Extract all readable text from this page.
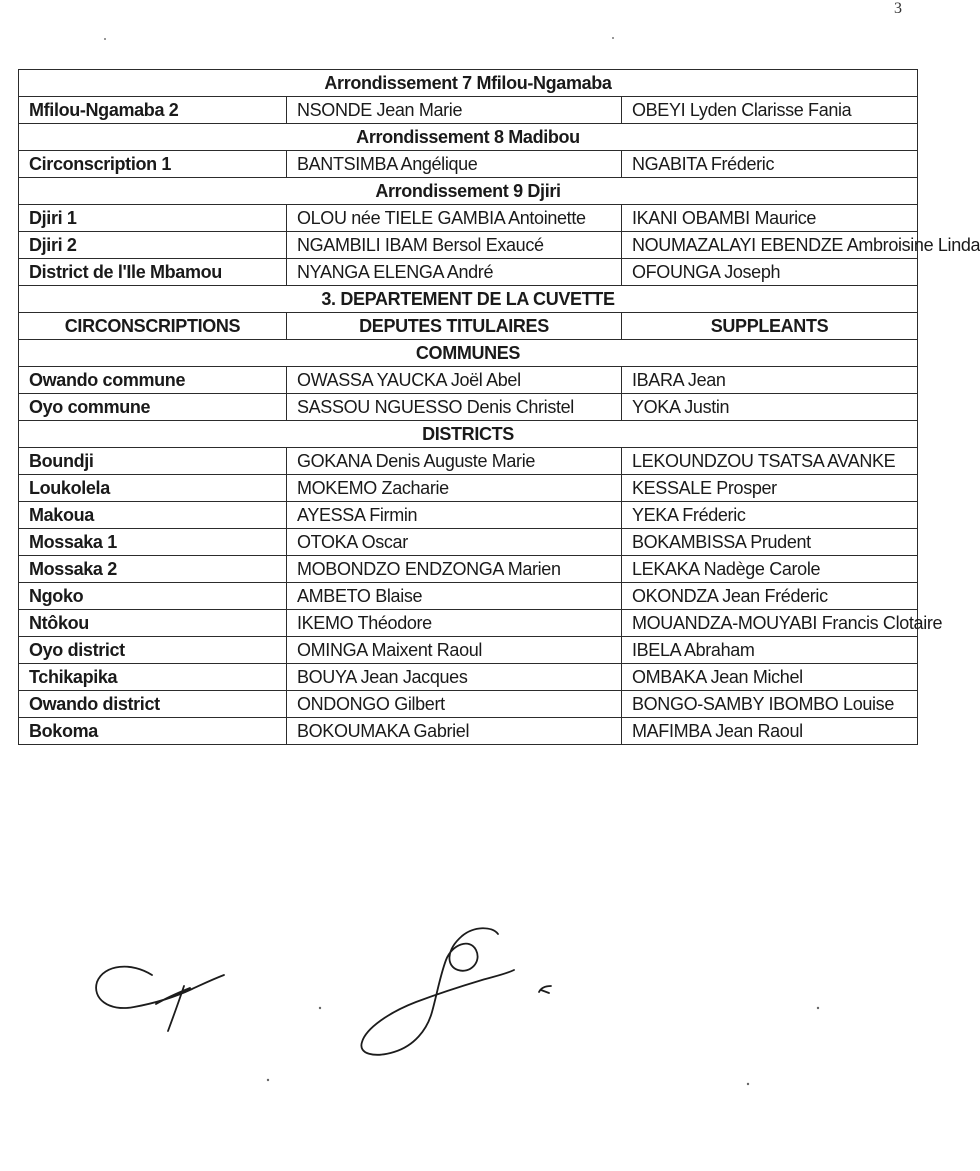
3
Arrondissement 7 Mfilou-Ngamaba		
Mfilou-Ngamaba 2	NSONDE Jean Marie	OBEYI Lyden Clarisse Fania
Arrondissement 8 Madibou		
Circonscription 1	BANTSIMBA Angélique	NGABITA Fréderic
Arrondissement 9 Djiri		
Djiri 1	OLOU née TIELE GAMBIA Antoinette	IKANI OBAMBI Maurice
Djiri 2	NGAMBILI IBAM Bersol Exaucé	NOUMAZALAYI EBENDZE Ambroisine Linda
District de l'Ile Mbamou	NYANGA ELENGA André	OFOUNGA Joseph
3. DEPARTEMENT DE LA CUVETTE		
CIRCONSCRIPTIONS	DEPUTES TITULAIRES	SUPPLEANTS
COMMUNES		
Owando commune	OWASSA YAUCKA Joël Abel	IBARA Jean
Oyo commune	SASSOU NGUESSO Denis Christel	YOKA Justin
DISTRICTS		
Boundji	GOKANA Denis Auguste Marie	LEKOUNDZOU TSATSA AVANKE
Loukolela	MOKEMO Zacharie	KESSALE Prosper
Makoua	AYESSA Firmin	YEKA Fréderic
Mossaka 1	OTOKA Oscar	BOKAMBISSA Prudent
Mossaka 2	MOBONDZO ENDZONGA Marien	LEKAKA Nadège Carole
Ngoko	AMBETO Blaise	OKONDZA Jean Fréderic
Ntôkou	IKEMO Théodore	MOUANDZA-MOUYABI Francis Clotaire
Oyo district	OMINGA Maixent Raoul	IBELA Abraham
Tchikapika	BOUYA Jean Jacques	OMBAKA Jean Michel
Owando district	ONDONGO Gilbert	BONGO-SAMBY IBOMBO Louise
Bokoma	BOKOUMAKA Gabriel	MAFIMBA Jean Raoul
